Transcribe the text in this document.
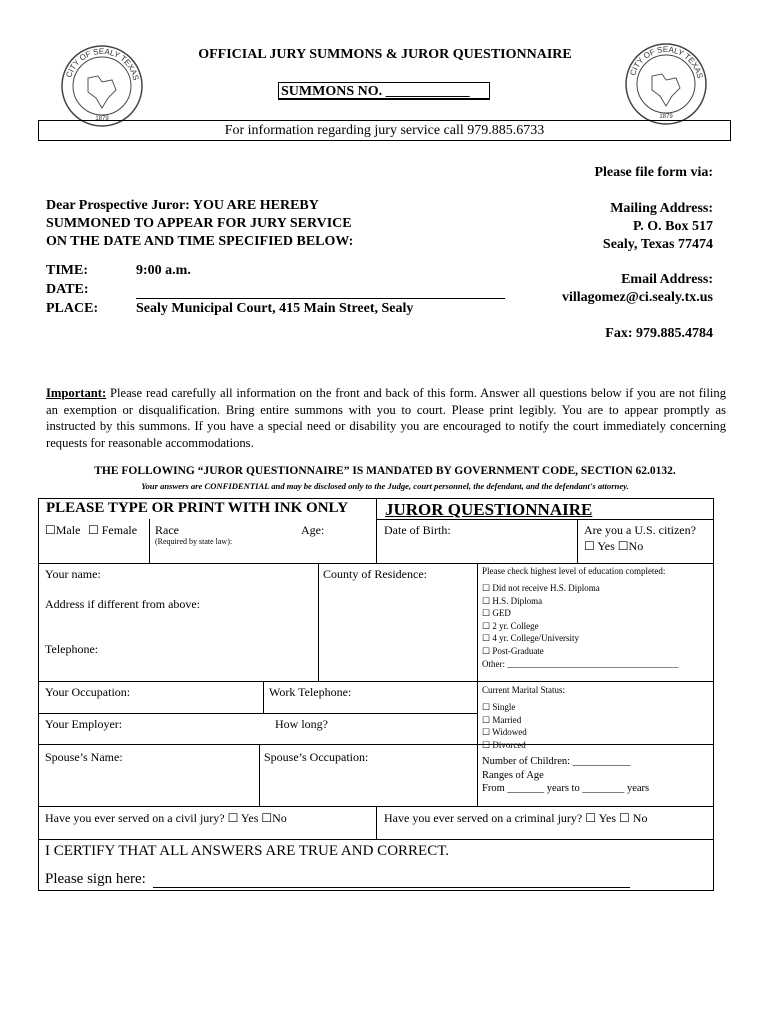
CITY OF SEALY TEXAS
1879
CITY OF SEALY TEXAS
1879
OFFICIAL JURY SUMMONS & JUROR QUESTIONNAIRE
SUMMONS NO. ____________
For information regarding jury service call 979.885.6733
Please file form via:
Mailing Address:
P. O. Box 517
Sealy, Texas 77474
Email Address:
villagomez@ci.sealy.tx.us
Fax: 979.885.4784
Dear Prospective Juror: YOU ARE HEREBY
SUMMONED TO APPEAR FOR JURY SERVICE
ON THE DATE AND TIME SPECIFIED BELOW:
TIME:	9:00 a.m.
DATE:
PLACE:	Sealy Municipal Court, 415 Main Street, Sealy
Important: Please read carefully all information on the front and back of this form. Answer all questions below if you are not filing an exemption or disqualification. Bring entire summons with you to court. Please print legibly. You are to appear promptly as instructed by this summons. If you have a special need or disability you are encouraged to notify the court immediately concerning requests for reasonable accommodations.
THE FOLLOWING “JUROR QUESTIONNAIRE” IS MANDATED BY GOVERNMENT CODE, SECTION 62.0132.
Your answers are CONFIDENTIAL and may be disclosed only to the Judge, court personnel, the defendant, and the defendant's attorney.
PLEASE TYPE OR PRINT WITH INK ONLY JUROR QUESTIONNAIRE
☐Male ☐ Female Race
(Required by state law):
Age:	Date of Birth:	Are you a U.S. citizen?
☐ Yes ☐No
Your name:	County of Residence:
Address if different from above:
Telephone:
Please check highest level of education completed:
☐ Did not receive H.S. Diploma
☐ H.S. Diploma
☐ GED
☐ 2 yr. College
☐ 4 yr. College/University
☐ Post-Graduate
Other: ______________________________________
Your Occupation:	Work Telephone:
Your Employer:	How long?
Current Marital Status:
☐ Single
☐ Married
☐ Widowed
☐ Divorced
Spouse’s Name:	Spouse’s Occupation:	Number of Children: ___________
Ranges of Age
From _______ years to ________ years
Have you ever served on a civil jury? ☐ Yes ☐No	Have you ever served on a criminal jury? ☐ Yes ☐ No
I CERTIFY THAT ALL ANSWERS ARE TRUE AND CORRECT.
Please sign here:
